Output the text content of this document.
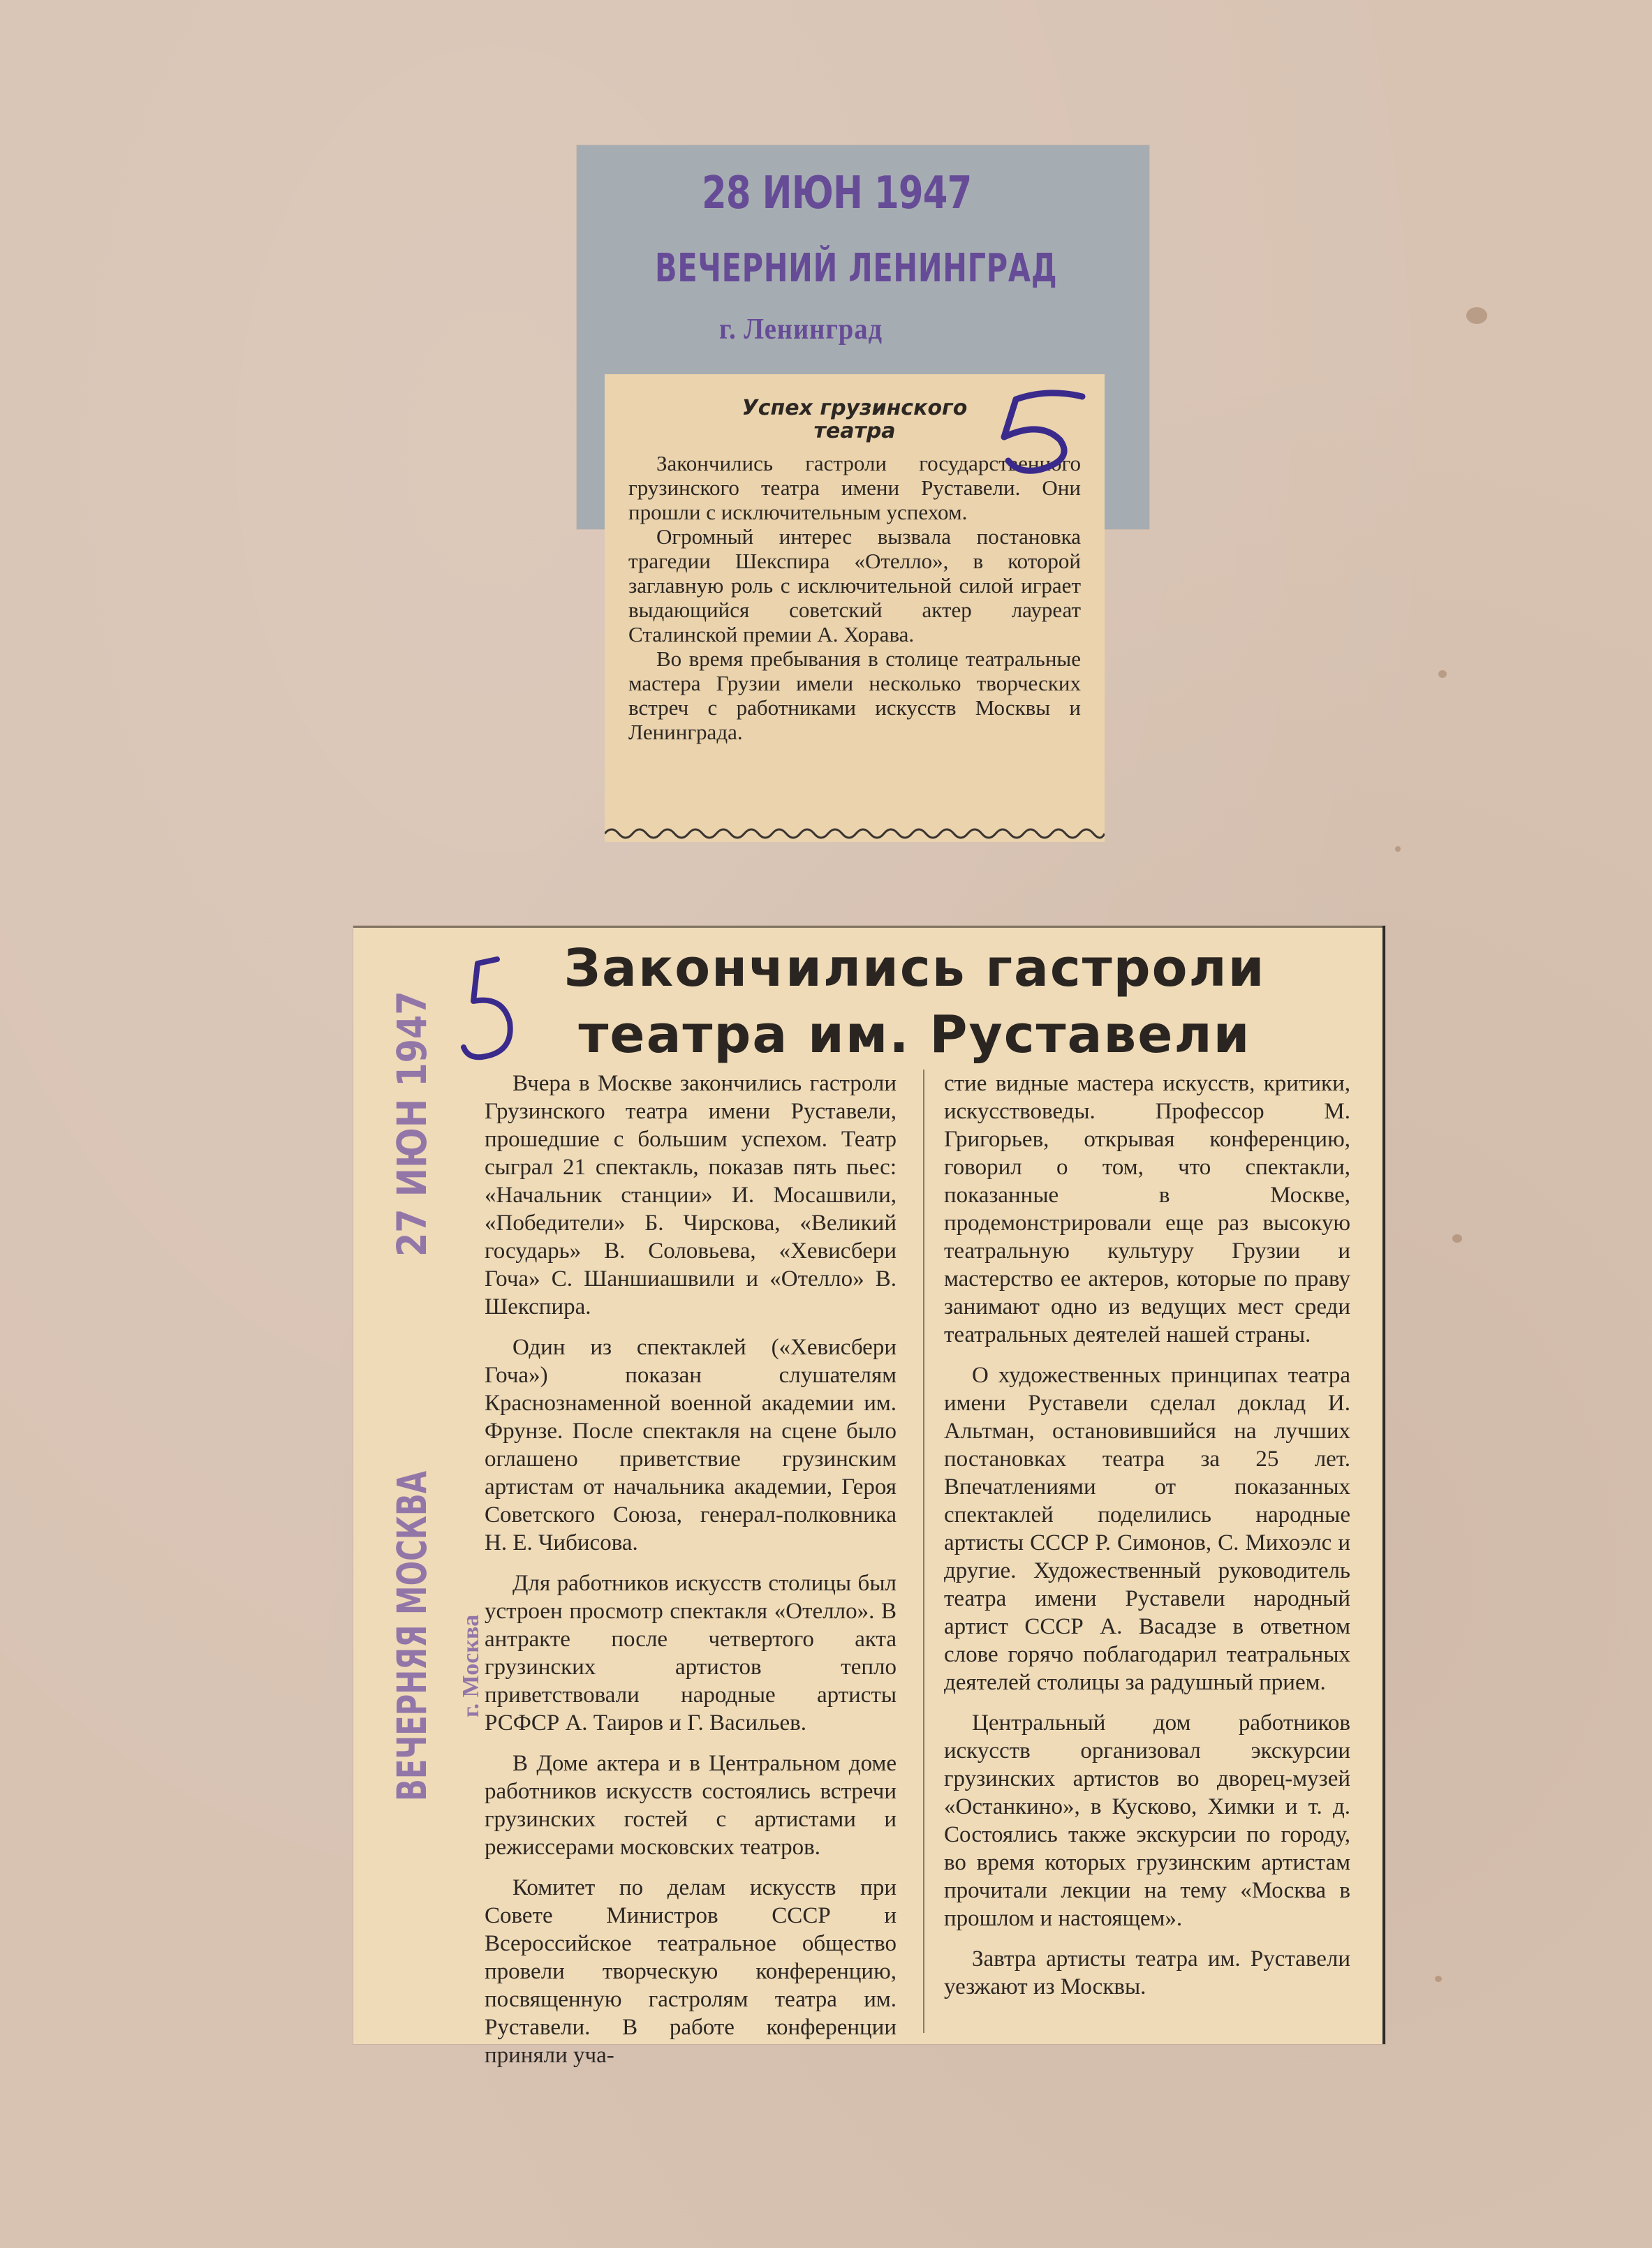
28 ИЮН 1947
ВЕЧЕРНИЙ ЛЕНИНГРАД
г. Ленинград
Успех грузинского
театра

Закончились гастроли государственного грузинского театра имени Руставели. Они прошли с исключительным успехом.

Огромный интерес вызвала постановка трагедии Шекспира «Отелло», в которой заглавную роль с исключительной силой играет выдающийся советский актер лауреат Сталинской премии А. Хорава.

Во время пребывания в столице театральные мастера Грузии имели несколько творческих встреч с работниками искусств Москвы и Ленинграда.

Закончились гастроли
театра им. Руставели

Вчера в Москве закончились гастроли Грузинского театра имени Руставели, прошедшие с большим успехом. Театр сыграл 21 спектакль, показав пять пьес: «Начальник станции» И. Мосашвили, «Победители» Б. Чирскова, «Великий государь» В. Соловьева, «Хевисбери Гоча» С. Шаншиашвили и «Отелло» В. Шекспира.

Один из спектаклей («Хевисбери Гоча») показан слушателям Краснознаменной военной академии им. Фрунзе. После спектакля на сцене было оглашено приветствие грузинским артистам от начальника академии, Героя Советского Союза, генерал-полковника Н. Е. Чибисова.

Для работников искусств столицы был устроен просмотр спектакля «Отелло». В антракте после четвертого акта грузинских артистов тепло приветствовали народные артисты РСФСР А. Таиров и Г. Васильев.

В Доме актера и в Центральном доме работников искусств состоялись встречи грузинских гостей с артистами и режиссерами московских театров.

Комитет по делам искусств при Совете Министров СССР и Всероссийское театральное общество провели творческую конференцию, посвященную гастролям театра им. Руставели. В работе конференции приняли уча-

стие видные мастера искусств, критики, искусствоведы. Профессор М. Григорьев, открывая конференцию, говорил о том, что спектакли, показанные в Москве, продемонстрировали еще раз высокую театральную культуру Грузии и мастерство ее актеров, которые по праву занимают одно из ведущих мест среди театральных деятелей нашей страны.

О художественных принципах театра имени Руставели сделал доклад И. Альтман, остановившийся на лучших постановках театра за 25 лет. Впечатлениями от показанных спектаклей поделились народные артисты СССР Р. Симонов, С. Михоэлс и другие. Художественный руководитель театра имени Руставели народный артист СССР А. Васадзе в ответном слове горячо поблагодарил театральных деятелей столицы за радушный прием.

Центральный дом работников искусств организовал экскурсии грузинских артистов во дворец-музей «Останкино», в Кусково, Химки и т. д. Состоялись также экскурсии по городу, во время которых грузинским артистам прочитали лекции на тему «Москва в прошлом и настоящем».

Завтра артисты театра им. Руставели уезжают из Москвы.

ВЕЧЕРНЯЯ МОСКВА г. Москва
27 ИЮН 1947
